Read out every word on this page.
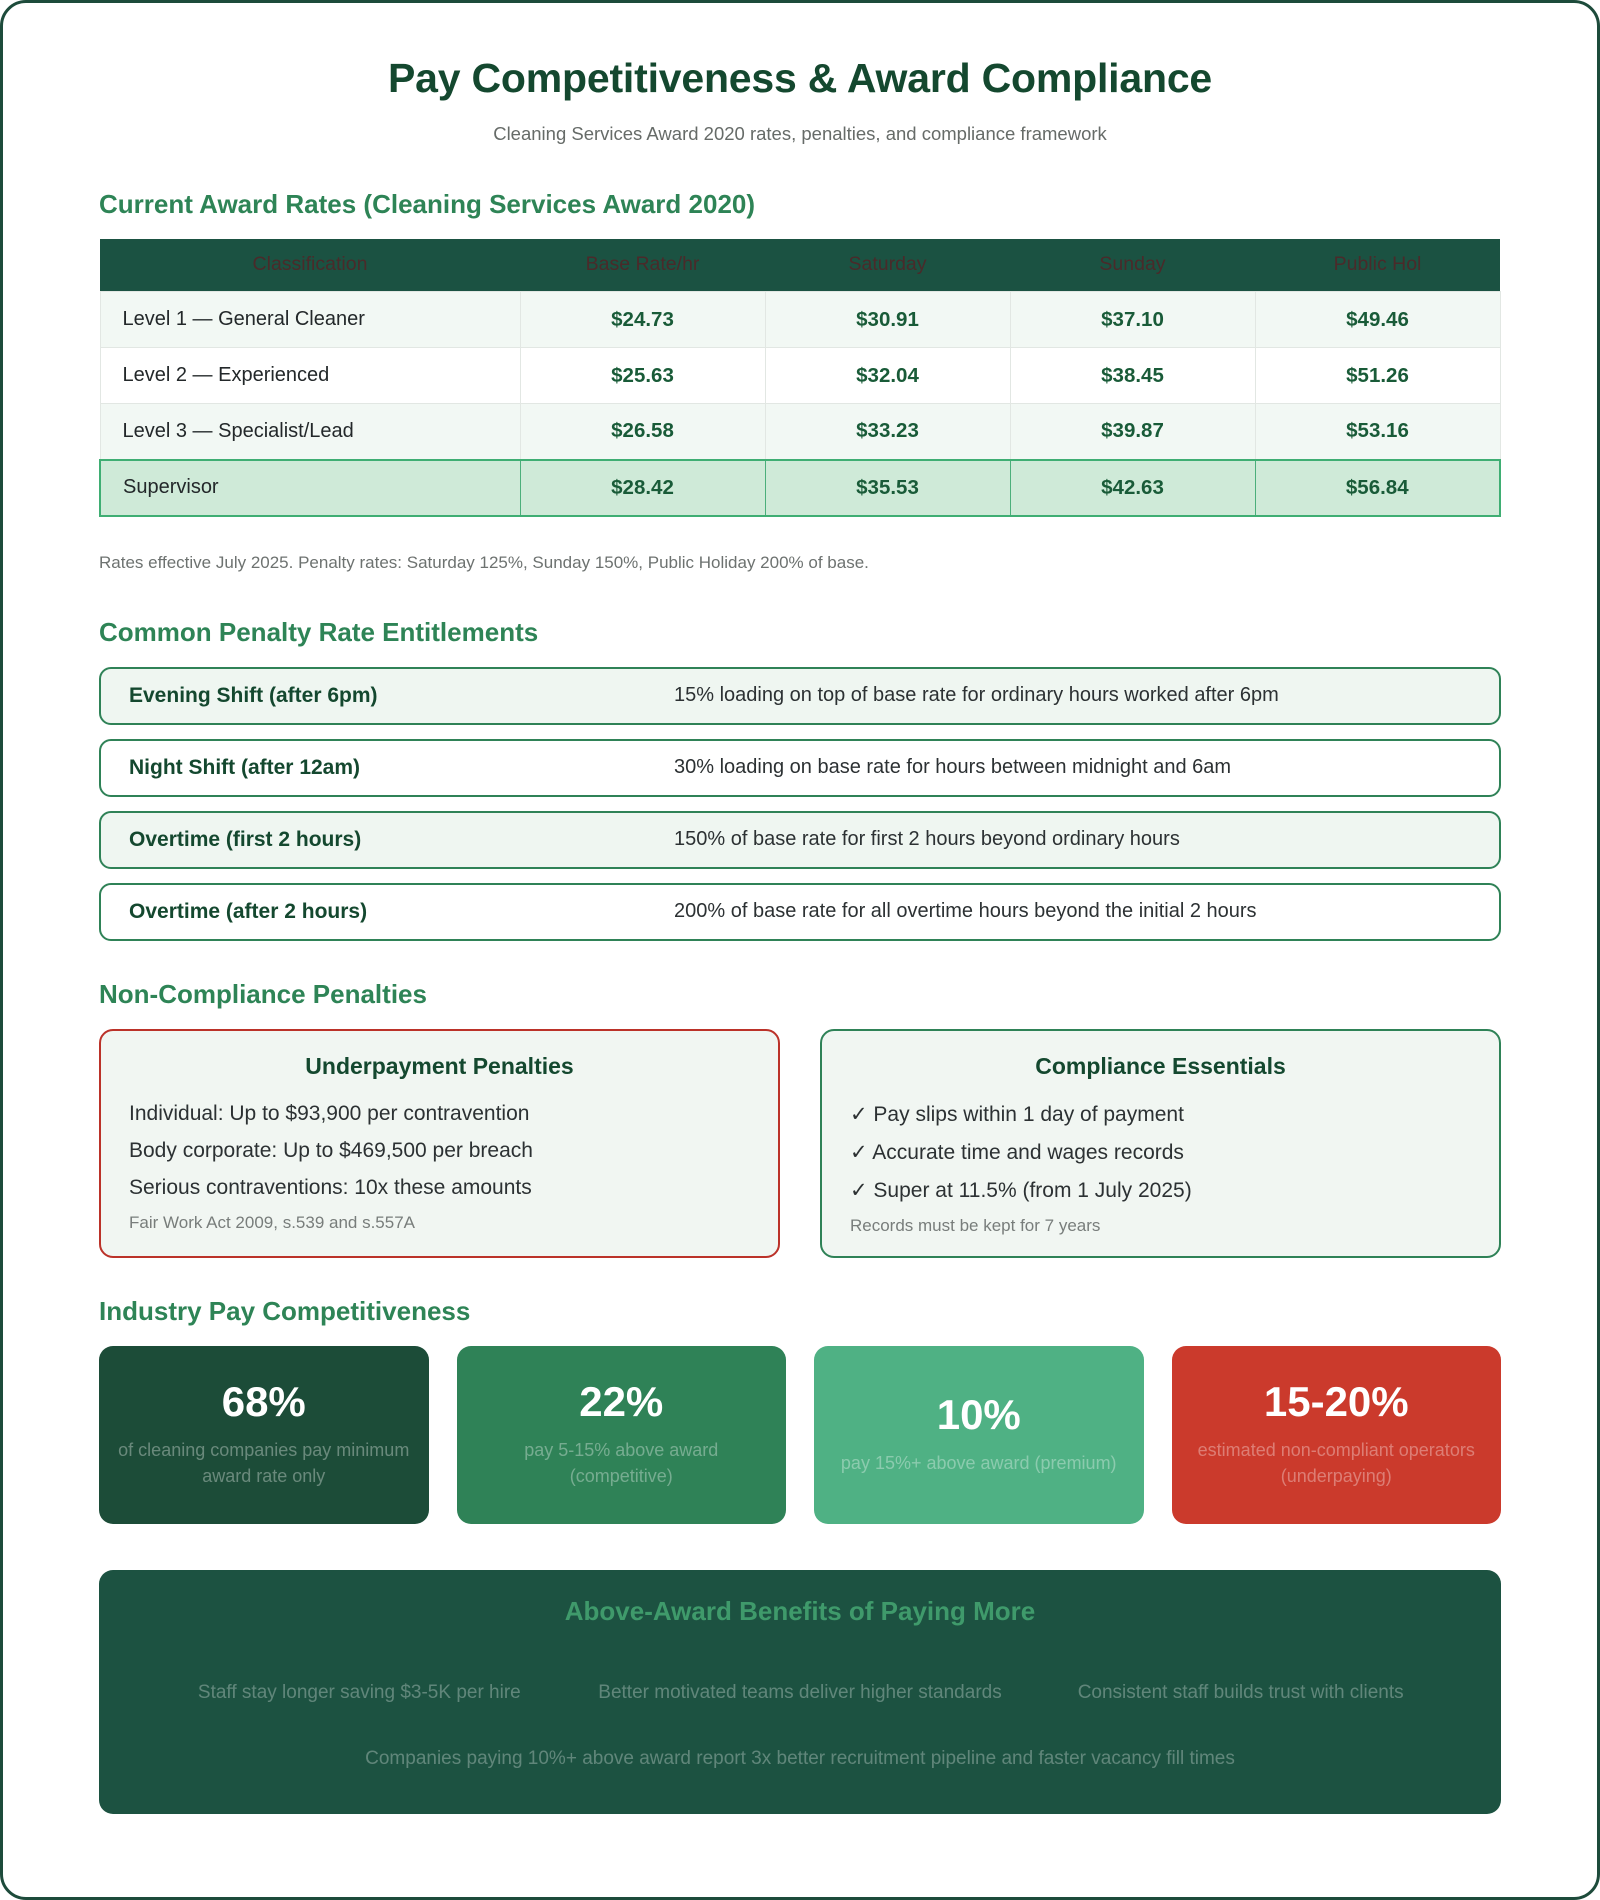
Pay Competitiveness & Award Compliance
Cleaning Services Award 2020 rates, penalties, and compliance framework
Current Award Rates (Cleaning Services Award 2020)
Classification	Base Rate/hr	Saturday	Sunday	Public Hol
Level 1 — General Cleaner	$24.73	$30.91	$37.10	$49.46
Level 2 — Experienced	$25.63	$32.04	$38.45	$51.26
Level 3 — Specialist/Lead	$26.58	$33.23	$39.87	$53.16
Supervisor	$28.42	$35.53	$42.63	$56.84
Rates effective July 2025. Penalty rates: Saturday 125%, Sunday 150%, Public Holiday 200% of base.
Common Penalty Rate Entitlements
Evening Shift (after 6pm)	15% loading on top of base rate for ordinary hours worked after 6pm
Night Shift (after 12am)	30% loading on base rate for hours between midnight and 6am
Overtime (first 2 hours)	150% of base rate for first 2 hours beyond ordinary hours
Overtime (after 2 hours)	200% of base rate for all overtime hours beyond the initial 2 hours
Non-Compliance Penalties
Underpayment Penalties
Individual: Up to $93,900 per contravention
Body corporate: Up to $469,500 per breach
Serious contraventions: 10x these amounts
Fair Work Act 2009, s.539 and s.557A
Compliance Essentials
✓ Pay slips within 1 day of payment
✓ Accurate time and wages records
✓ Super at 11.5% (from 1 July 2025)
Records must be kept for 7 years
Industry Pay Competitiveness
68%
of cleaning companies pay minimum award rate only
22%
pay 5-15% above award (competitive)
10%
pay 15%+ above award (premium)
15-20%
estimated non-compliant operators (underpaying)
Above-Award Benefits of Paying More
Staff stay longer saving $3-5K per hire	Better motivated teams deliver higher standards	Consistent staff builds trust with clients
Companies paying 10%+ above award report 3x better recruitment pipeline and faster vacancy fill times
